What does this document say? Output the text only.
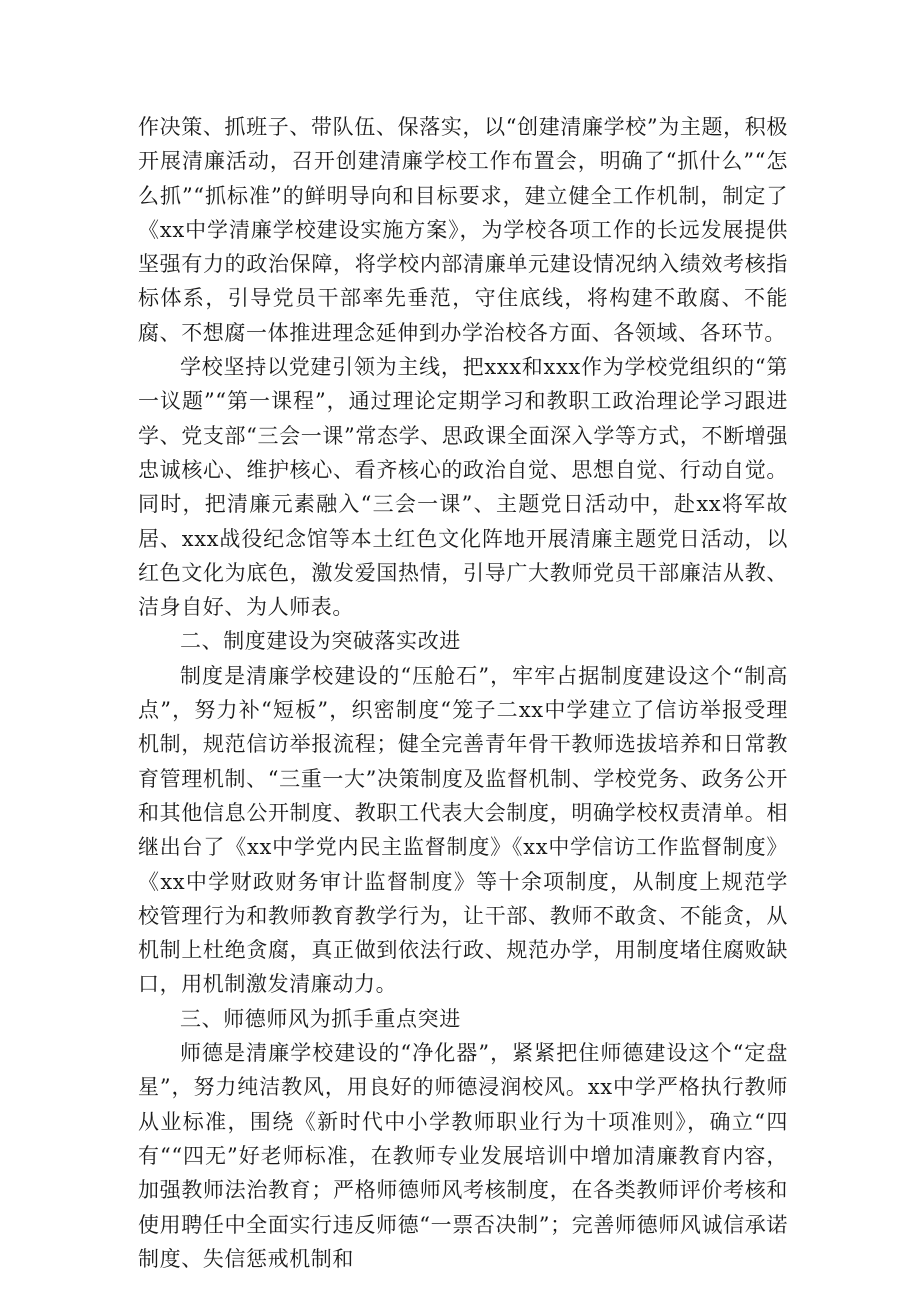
作决策、抓班子、带队伍、保落实，以“创建清廉学校”为主题，积极开展清廉活动，召开创建清廉学校工作布置会，明确了“抓什么”“怎么抓”“抓标准”的鲜明导向和目标要求，建立健全工作机制，制定了《xx中学清廉学校建设实施方案》，为学校各项工作的长远发展提供坚强有力的政治保障，将学校内部清廉单元建设情况纳入绩效考核指标体系，引导党员干部率先垂范，守住底线，将构建不敢腐、不能腐、不想腐一体推进理念延伸到办学治校各方面、各领域、各环节。

学校坚持以党建引领为主线，把xxx和xxx作为学校党组织的“第一议题”“第一课程”，通过理论定期学习和教职工政治理论学习跟进学、党支部“三会一课”常态学、思政课全面深入学等方式，不断增强忠诚核心、维护核心、看齐核心的政治自觉、思想自觉、行动自觉。同时，把清廉元素融入“三会一课”、主题党日活动中，赴xx将军故居、xxx战役纪念馆等本土红色文化阵地开展清廉主题党日活动，以红色文化为底色，激发爱国热情，引导广大教师党员干部廉洁从教、洁身自好、为人师表。

二、制度建设为突破落实改进

制度是清廉学校建设的“压舱石”，牢牢占据制度建设这个“制高点”，努力补“短板”，织密制度“笼子二xx中学建立了信访举报受理机制，规范信访举报流程；健全完善青年骨干教师选拔培养和日常教育管理机制、“三重一大”决策制度及监督机制、学校党务、政务公开和其他信息公开制度、教职工代表大会制度，明确学校权责清单。相继出台了《xx中学党内民主监督制度》《xx中学信访工作监督制度》《xx中学财政财务审计监督制度》等十余项制度，从制度上规范学校管理行为和教师教育教学行为，让干部、教师不敢贪、不能贪，从机制上杜绝贪腐，真正做到依法行政、规范办学，用制度堵住腐败缺口，用机制激发清廉动力。

三、师德师风为抓手重点突进

师德是清廉学校建设的“净化器”，紧紧把住师德建设这个“定盘星”，努力纯洁教风，用良好的师德浸润校风。xx中学严格执行教师从业标准，围绕《新时代中小学教师职业行为十项准则》，确立“四有““四无”好老师标准，在教师专业发展培训中增加清廉教育内容，加强教师法治教育；严格师德师风考核制度，在各类教师评价考核和使用聘任中全面实行违反师德“一票否决制”；完善师德师风诚信承诺制度、失信惩戒机制和
